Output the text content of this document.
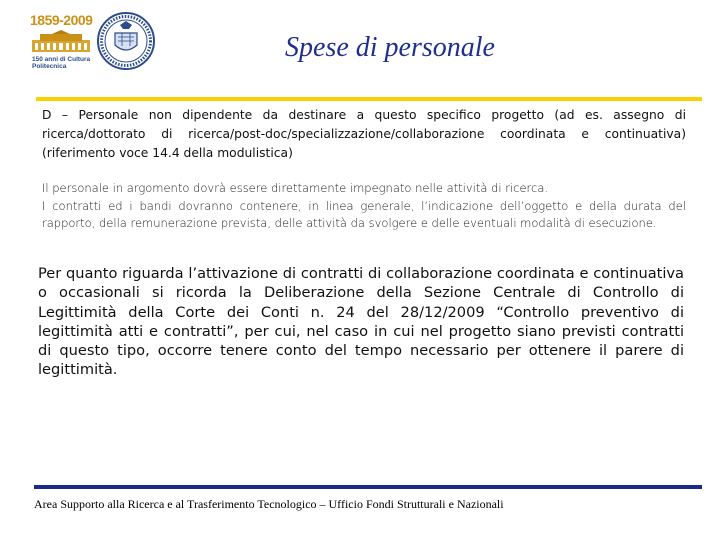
1859-2009
150 anni di Cultura
Politecnica
Spese di personale
D – Personale non dipendente da destinare a questo specifico progetto (ad es. assegno di ricerca/dottorato di ricerca/post-doc/specializzazione/collaborazione coordinata e continuativa) (riferimento voce 14.4 della modulistica)
Il personale in argomento dovrà essere direttamente impegnato nelle attività di ricerca.
I contratti ed i bandi dovranno contenere, in linea generale, l’indicazione dell’oggetto e della durata del rapporto, della remunerazione prevista, delle attività da svolgere e delle eventuali modalità di esecuzione.
Per quanto riguarda l’attivazione di contratti di collaborazione coordinata e continuativa o occasionali si ricorda la Deliberazione della Sezione Centrale di Controllo di Legittimità della Corte dei Conti n. 24 del 28/12/2009 “Controllo preventivo di legittimità atti e contratti”, per cui, nel caso in cui nel progetto siano previsti contratti di questo tipo, occorre tenere conto del tempo necessario per ottenere il parere di legittimità.
Area Supporto alla Ricerca e al Trasferimento Tecnologico – Ufficio Fondi Strutturali e Nazionali
